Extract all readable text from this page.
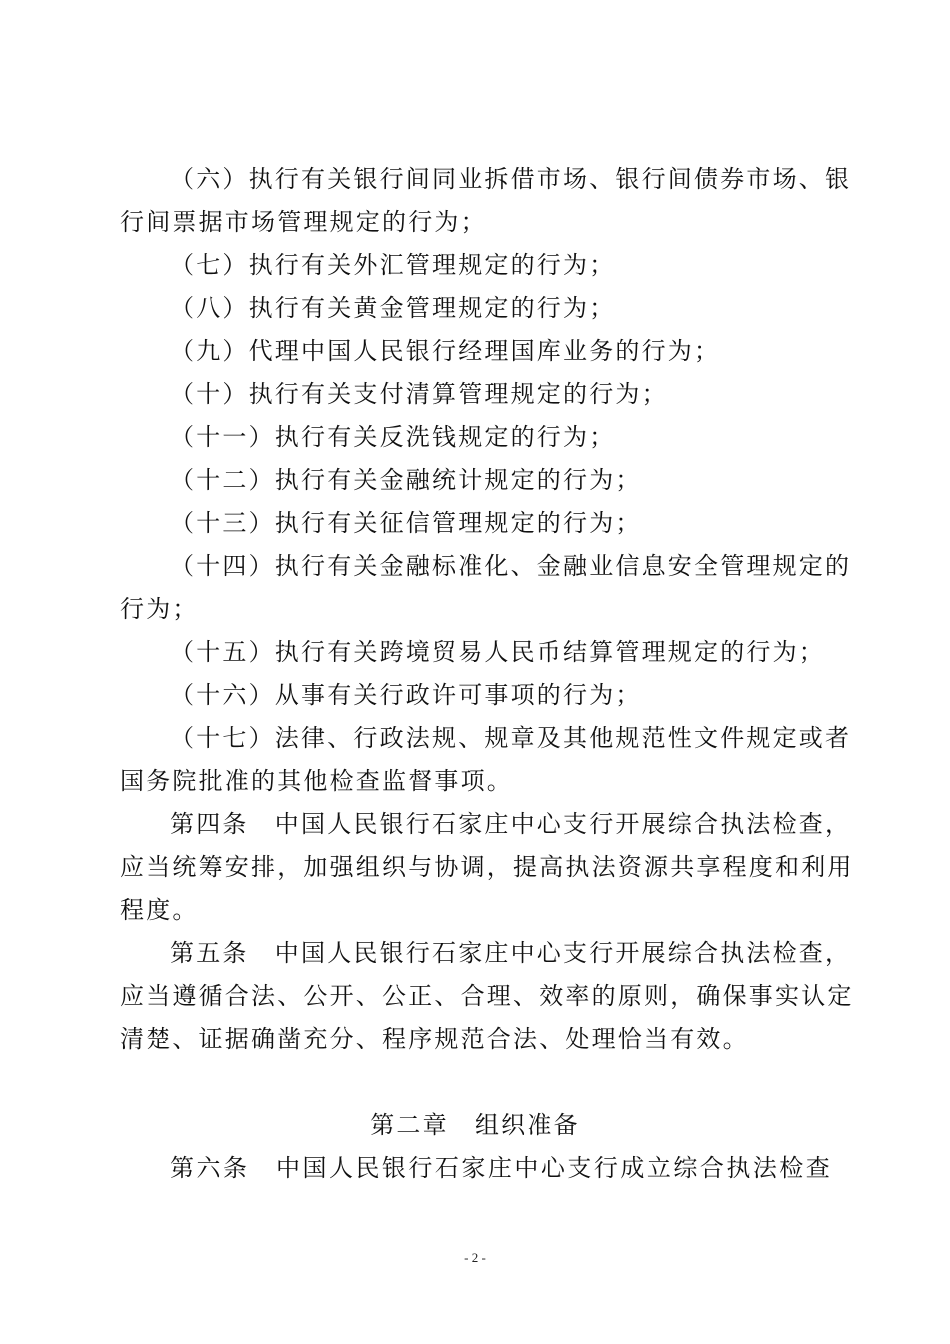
（六）执行有关银行间同业拆借市场、银行间债券市场、银
行间票据市场管理规定的行为；
（七）执行有关外汇管理规定的行为；
（八）执行有关黄金管理规定的行为；
（九）代理中国人民银行经理国库业务的行为；
（十）执行有关支付清算管理规定的行为；
（十一）执行有关反洗钱规定的行为；
（十二）执行有关金融统计规定的行为；
（十三）执行有关征信管理规定的行为；
（十四）执行有关金融标准化、金融业信息安全管理规定的
行为；
（十五）执行有关跨境贸易人民币结算管理规定的行为；
（十六）从事有关行政许可事项的行为；
（十七）法律、行政法规、规章及其他规范性文件规定或者
国务院批准的其他检查监督事项。
第四条　中国人民银行石家庄中心支行开展综合执法检查，
应当统筹安排，加强组织与协调，提高执法资源共享程度和利用
程度。
第五条　中国人民银行石家庄中心支行开展综合执法检查，
应当遵循合法、公开、公正、合理、效率的原则，确保事实认定
清楚、证据确凿充分、程序规范合法、处理恰当有效。
第二章　组织准备
第六条　中国人民银行石家庄中心支行成立综合执法检查
- 2 -
